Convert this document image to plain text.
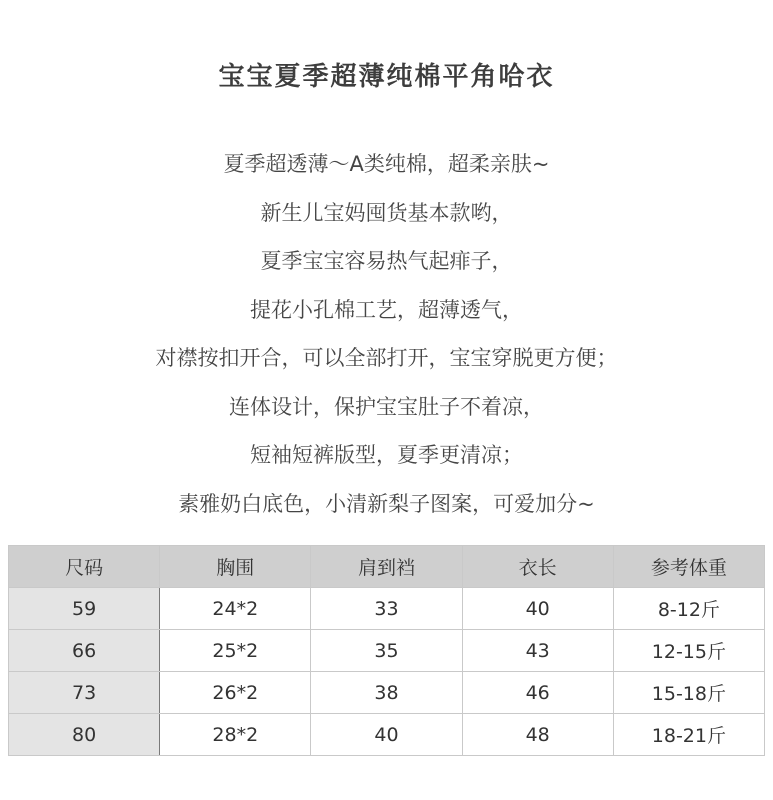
宝宝夏季超薄纯棉平角哈衣
夏季超透薄～A类纯棉，超柔亲肤~
新生儿宝妈囤货基本款哟，
夏季宝宝容易热气起痱子，
提花小孔棉工艺，超薄透气，
对襟按扣开合，可以全部打开，宝宝穿脱更方便；
连体设计，保护宝宝肚子不着凉，
短袖短裤版型，夏季更清凉；
素雅奶白底色，小清新梨子图案，可爱加分~
尺码	胸围	肩到裆	衣长	参考体重
59	24*2	33	40	8-12斤
66	25*2	35	43	12-15斤
73	26*2	38	46	15-18斤
80	28*2	40	48	18-21斤
